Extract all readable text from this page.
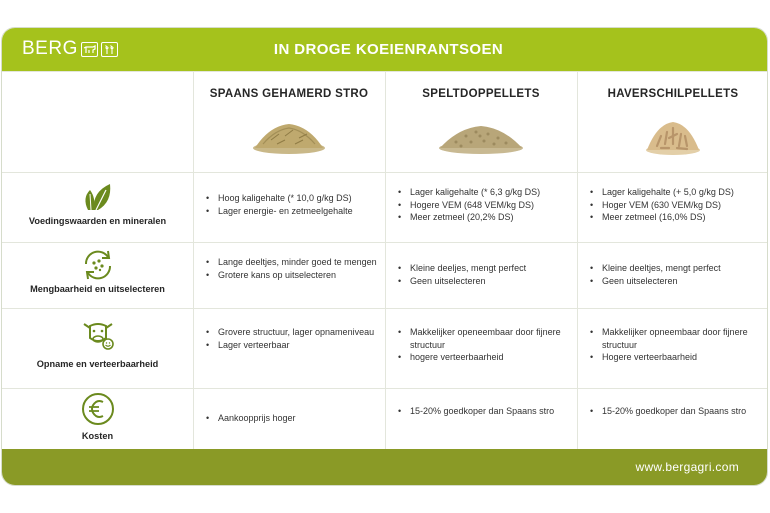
BERG	IN DROGE KOEIENRANTSOEN
SPAANS GEHAMERD STRO	SPELTDOPPELLETS	HAVERSCHILPELLETS
Voedingswaarden en mineralen
• Hoog kaligehalte (* 10,0 g/kg DS)
• Lager energie- en zetmeelgehalte
• Lager kaligehalte (* 6,3 g/kg DS)
• Hogere VEM (648 VEM/kg DS)
• Meer zetmeel (20,2% DS)
• Lager kaligehalte (+ 5,0 g/kg DS)
• Hoger VEM (630 VEM/kg DS)
• Meer zetmeel (16,0% DS)
Mengbaarheid en uitselecteren
• Lange deeltjes, minder goed te mengen
• Grotere kans op uitselecteren
• Kleine deeljes, mengt perfect
• Geen uitselecteren
• Kleine deeltjes, mengt perfect
• Geen uitselecteren
Opname en verteerbaarheid
• Grovere structuur, lager opnameniveau
• Lager verteerbaar
• Makkelijker openeembaar door fijnere structuur
• hogere verteerbaarheid
• Makkelijker opneembaar door fijnere structuur
• Hogere verteerbaarheid
Kosten
• Aankoopprijs hoger
• 15-20% goedkoper dan Spaans stro
•	15-20% goedkoper dan Spaans stro
www.bergagri.com
